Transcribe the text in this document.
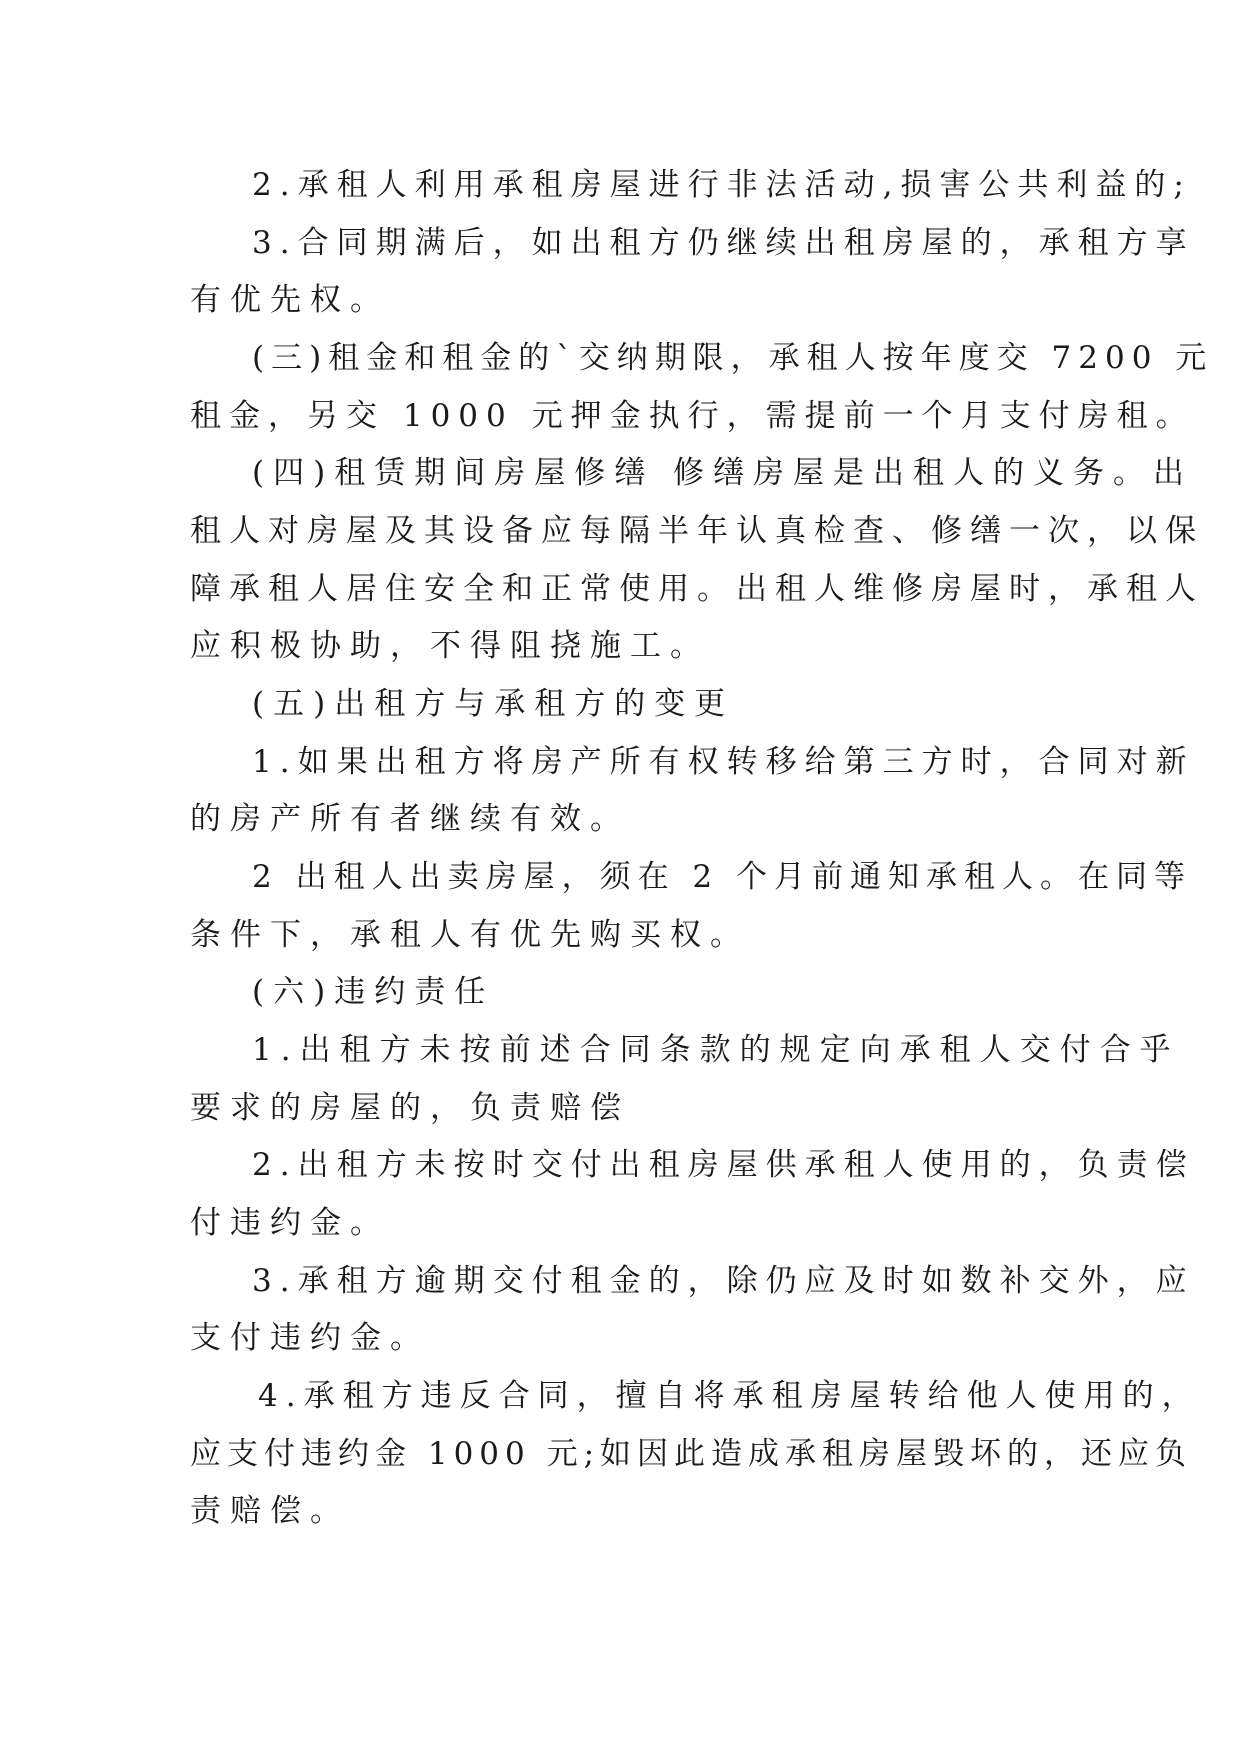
2.承租人利用承租房屋进行非法活动,损害公共利益的;
3.合同期满后，如出租方仍继续出租房屋的，承租方享
有优先权。
(三)租金和租金的`交纳期限，承租人按年度交 7200 元
租金，另交 1000 元押金执行，需提前一个月支付房租。
(四)租赁期间房屋修缮 修缮房屋是出租人的义务。出
租人对房屋及其设备应每隔半年认真检查、修缮一次，以保
障承租人居住安全和正常使用。出租人维修房屋时，承租人
应积极协助，不得阻挠施工。
(五)出租方与承租方的变更
1.如果出租方将房产所有权转移给第三方时，合同对新
的房产所有者继续有效。
2 出租人出卖房屋，须在 2 个月前通知承租人。在同等
条件下，承租人有优先购买权。
(六)违约责任
1.出租方未按前述合同条款的规定向承租人交付合乎
要求的房屋的，负责赔偿
2.出租方未按时交付出租房屋供承租人使用的，负责偿
付违约金。
3.承租方逾期交付租金的，除仍应及时如数补交外，应
支付违约金。
4.承租方违反合同，擅自将承租房屋转给他人使用的，
应支付违约金 1000 元;如因此造成承租房屋毁坏的，还应负
责赔偿。
